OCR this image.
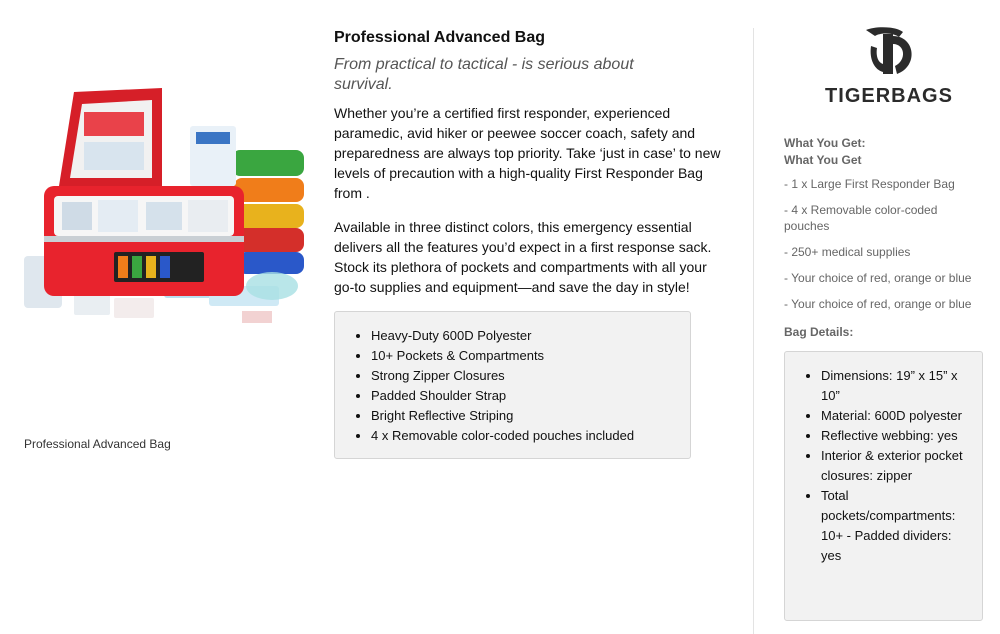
Professional Advanced Bag
Professional Advanced Bag
From practical to tactical - is serious about survival.
Whether you’re a certified first responder, experienced paramedic, avid hiker or peewee soccer coach, safety and preparedness are always top priority. Take ‘just in case’ to new levels of precaution with a high-quality First Responder Bag from .
Available in three distinct colors, this emergency essential delivers all the features you’d expect in a first response sack. Stock its plethora of pockets and compartments with all your go-to supplies and equipment—and save the day in style!
• Heavy-Duty 600D Polyester
• 10+ Pockets & Compartments
• Strong Zipper Closures
• Padded Shoulder Strap
• Bright Reflective Striping
• 4 x Removable color-coded pouches included
TIGERBAGS
What You Get:
What You Get
- 1 x Large First Responder Bag
- 4 x Removable color-coded pouches
- 250+ medical supplies
- Your choice of red, orange or blue
- Your choice of red, orange or blue
Bag Details:
• Dimensions: 19” x 15” x 10”
• Material: 600D polyester
• Reflective webbing: yes
• Interior & exterior pocket closures: zipper
• Total pockets/compartments: 10+ - Padded dividers: yes
